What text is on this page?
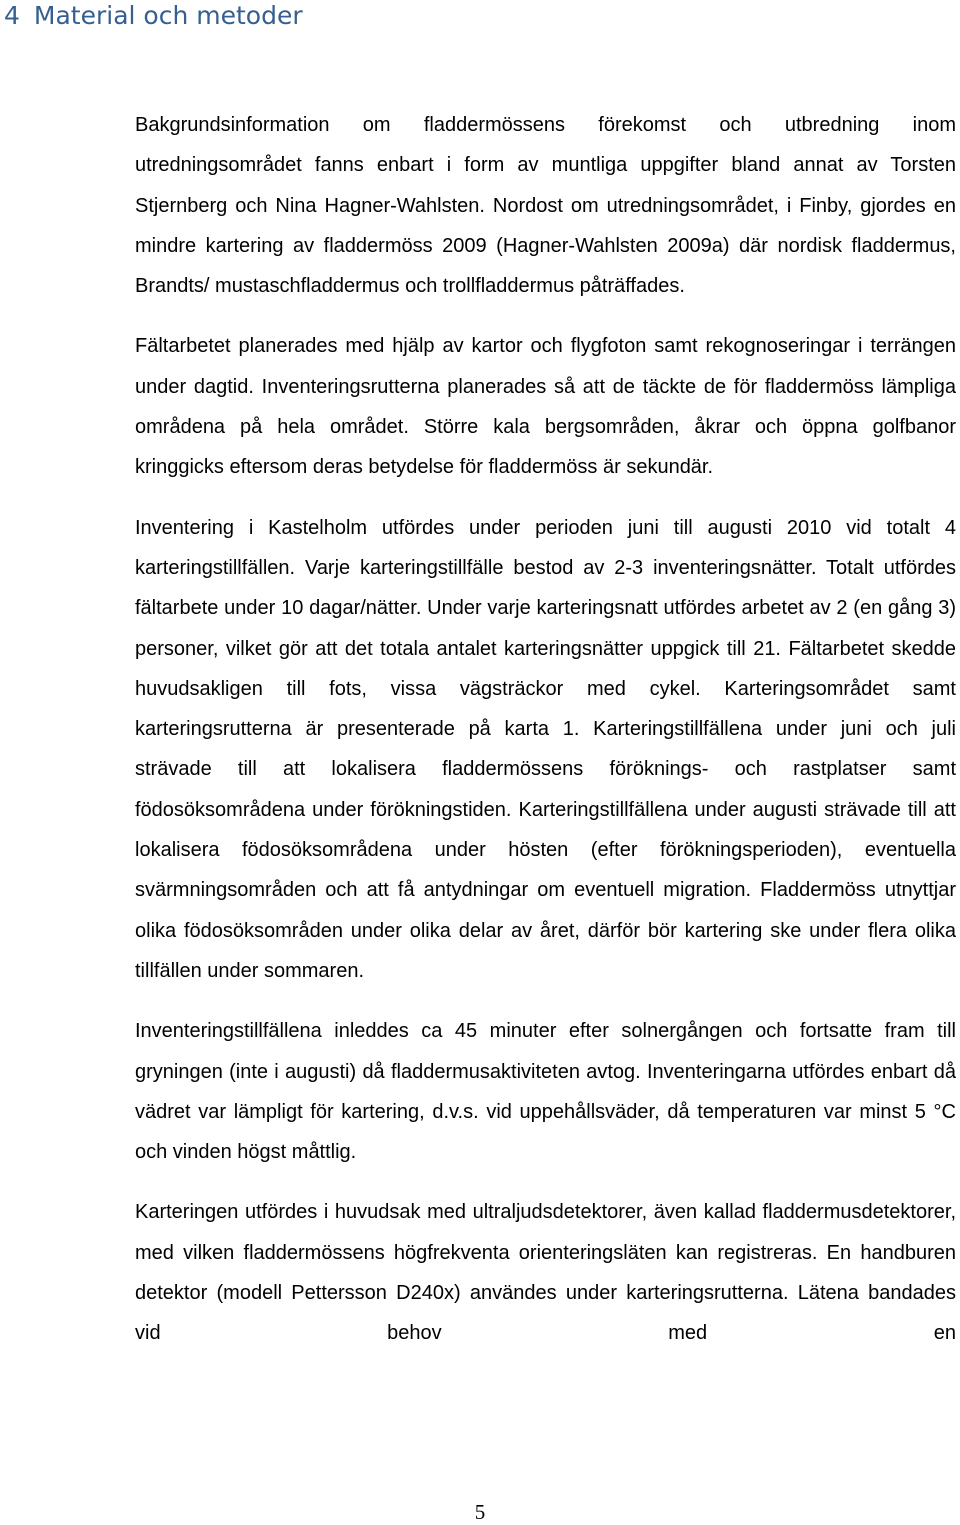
4 Material och metoder

Bakgrundsinformation om fladdermössens förekomst och utbredning inom utredningsområdet fanns enbart i form av muntliga uppgifter bland annat av Torsten Stjernberg och Nina Hagner-Wahlsten. Nordost om utredningsområdet, i Finby, gjordes en mindre kartering av fladdermöss 2009 (Hagner-Wahlsten 2009a) där nordisk fladdermus, Brandts/ mustaschfladdermus och trollfladdermus påträffades.

Fältarbetet planerades med hjälp av kartor och flygfoton samt rekognoseringar i terrängen under dagtid. Inventeringsrutterna planerades så att de täckte de för fladdermöss lämpliga områdena på hela området. Större kala bergsområden, åkrar och öppna golfbanor kringgicks eftersom deras betydelse för fladdermöss är sekundär.

Inventering i Kastelholm utfördes under perioden juni till augusti 2010 vid totalt 4 karteringstillfällen. Varje karteringstillfälle bestod av 2-3 inventeringsnätter. Totalt utfördes fältarbete under 10 dagar/nätter. Under varje karteringsnatt utfördes arbetet av 2 (en gång 3) personer, vilket gör att det totala antalet karteringsnätter uppgick till 21. Fältarbetet skedde huvudsakligen till fots, vissa vägsträckor med cykel. Karteringsområdet samt karteringsrutterna är presenterade på karta 1. Karteringstillfällena under juni och juli strävade till att lokalisera fladdermössens föröknings- och rastplatser samt födosöksområdena under förökningstiden. Karteringstillfällena under augusti strävade till att lokalisera födosöksområdena under hösten (efter förökningsperioden), eventuella svärmningsområden och att få antydningar om eventuell migration. Fladdermöss utnyttjar olika födosöksområden under olika delar av året, därför bör kartering ske under flera olika tillfällen under sommaren.

Inventeringstillfällena inleddes ca 45 minuter efter solnergången och fortsatte fram till gryningen (inte i augusti) då fladdermusaktiviteten avtog. Inventeringarna utfördes enbart då vädret var lämpligt för kartering, d.v.s. vid uppehållsväder, då temperaturen var minst 5 °C och vinden högst måttlig.

Karteringen utfördes i huvudsak med ultraljudsdetektorer, även kallad fladdermusdetektorer, med vilken fladdermössens högfrekventa orienteringsläten kan registreras. En handburen detektor (modell Pettersson D240x) användes under karteringsrutterna. Lätena bandades vid behov med en

5
